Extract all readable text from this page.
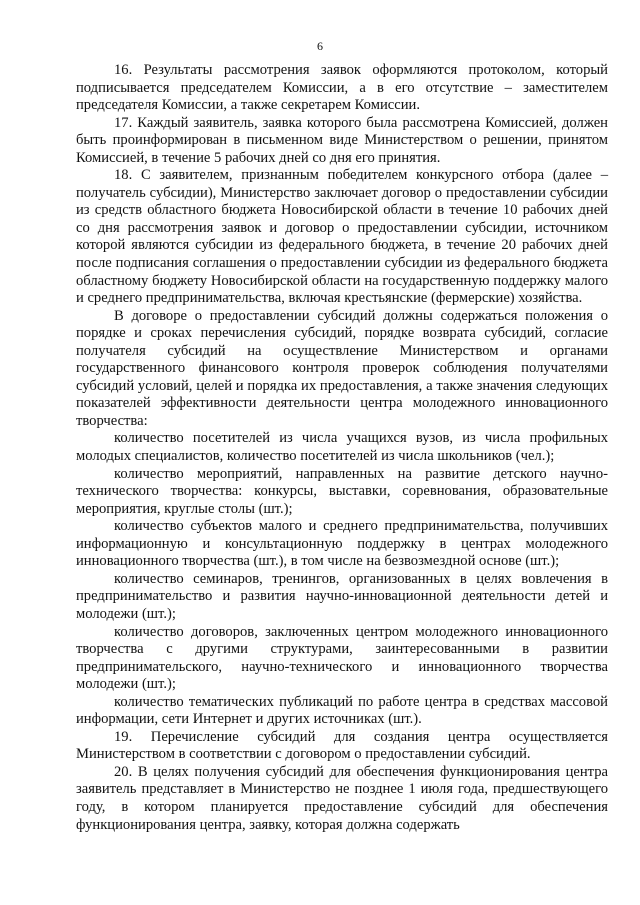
6

16. Результаты рассмотрения заявок оформляются протоколом, который подписывается председателем Комиссии, а в его отсутствие – заместителем председателя Комиссии, а также секретарем Комиссии.

17. Каждый заявитель, заявка которого была рассмотрена Комиссией, должен быть проинформирован в письменном виде Министерством о решении, принятом Комиссией, в течение 5 рабочих дней со дня его принятия.

18. С заявителем, признанным победителем конкурсного отбора (далее – получатель субсидии), Министерство заключает договор о предоставлении субсидии из средств областного бюджета Новосибирской области в течение 10 рабочих дней со дня рассмотрения заявок и договор о предоставлении субсидии, источником которой являются субсидии из федерального бюджета, в течение 20 рабочих дней после подписания соглашения о предоставлении субсидии из федерального бюджета областному бюджету Новосибирской области на государственную поддержку малого и среднего предпринимательства, включая крестьянские (фермерские) хозяйства.

В договоре о предоставлении субсидий должны содержаться положения о порядке и сроках перечисления субсидий, порядке возврата субсидий, согласие получателя субсидий на осуществление Министерством и органами государственного финансового контроля проверок соблюдения получателями субсидий условий, целей и порядка их предоставления, а также значения следующих показателей эффективности деятельности центра молодежного инновационного творчества:

количество посетителей из числа учащихся вузов, из числа профильных молодых специалистов, количество посетителей из числа школьников (чел.);

количество мероприятий, направленных на развитие детского научно-технического творчества: конкурсы, выставки, соревнования, образовательные мероприятия, круглые столы (шт.);

количество субъектов малого и среднего предпринимательства, получивших информационную и консультационную поддержку в центрах молодежного инновационного творчества (шт.), в том числе на безвозмездной основе (шт.);

количество семинаров, тренингов, организованных в целях вовлечения в предпринимательство и развития научно-инновационной деятельности детей и молодежи (шт.);

количество договоров, заключенных центром молодежного инновационного творчества с другими структурами, заинтересованными в развитии предпринимательского, научно-технического и инновационного творчества молодежи (шт.);

количество тематических публикаций по работе центра в средствах массовой информации, сети Интернет и других источниках (шт.).

19. Перечисление субсидий для создания центра осуществляется Министерством в соответствии с договором о предоставлении субсидий.

20. В целях получения субсидий для обеспечения функционирования центра заявитель представляет в Министерство не позднее 1 июля года, предшествующего году, в котором планируется предоставление субсидий для обеспечения функционирования центра, заявку, которая должна содержать
